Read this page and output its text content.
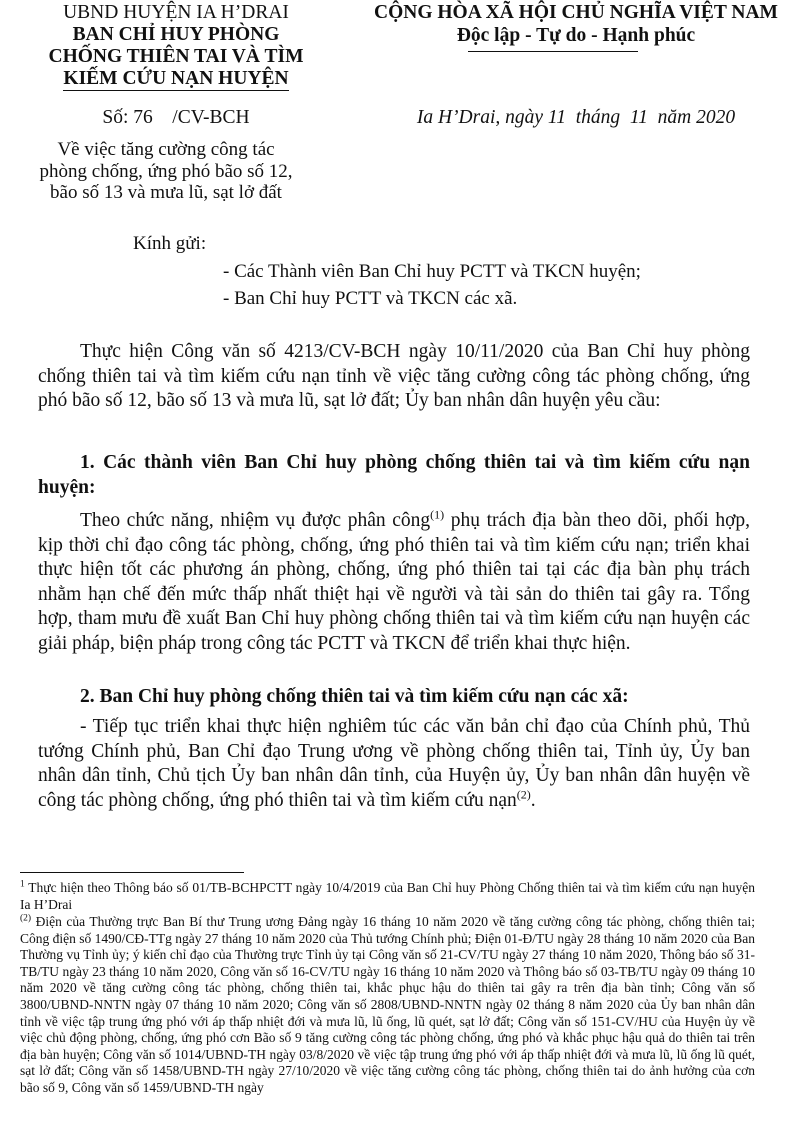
UBND HUYỆN IA H’DRAI
BAN CHỈ HUY PHÒNG
CHỐNG THIÊN TAI VÀ TÌM
KIẾM CỨU NẠN HUYỆN
CỘNG HÒA XÃ HỘI CHỦ NGHĨA VIỆT NAM
Độc lập - Tự do - Hạnh phúc
Số: 76    /CV-BCH	Ia H’Drai, ngày 11  tháng  11  năm 2020
Về việc tăng cường công tác
phòng chống, ứng phó bão số 12,
bão số 13 và mưa lũ, sạt lở đất
Kính gửi:
- Các Thành viên Ban Chỉ huy PCTT và TKCN huyện;
- Ban Chỉ huy PCTT và TKCN các xã.
Thực hiện Công văn số 4213/CV-BCH ngày 10/11/2020 của Ban Chỉ huy phòng chống thiên tai và tìm kiếm cứu nạn tỉnh về việc tăng cường công tác phòng chống, ứng phó bão số 12, bão số 13 và mưa lũ, sạt lở đất; Ủy ban nhân dân huyện yêu cầu:
1. Các thành viên Ban Chỉ huy phòng chống thiên tai và tìm kiếm cứu nạn huyện:
Theo chức năng, nhiệm vụ được phân công$^{(1)}$ phụ trách địa bàn theo dõi, phối hợp, kịp thời chỉ đạo công tác phòng, chống, ứng phó thiên tai và tìm kiếm cứu nạn; triển khai thực hiện tốt các phương án phòng, chống, ứng phó thiên tai tại các địa bàn phụ trách nhằm hạn chế đến mức thấp nhất thiệt hại về người và tài sản do thiên tai gây ra. Tổng hợp, tham mưu đề xuất Ban Chỉ huy phòng chống thiên tai và tìm kiếm cứu nạn huyện các giải pháp, biện pháp trong công tác PCTT và TKCN để triển khai thực hiện.
2. Ban Chỉ huy phòng chống thiên tai và tìm kiếm cứu nạn các xã:
- Tiếp tục triển khai thực hiện nghiêm túc các văn bản chỉ đạo của Chính phủ, Thủ tướng Chính phủ, Ban Chỉ đạo Trung ương về phòng chống thiên tai, Tỉnh ủy, Ủy ban nhân dân tỉnh, Chủ tịch Ủy ban nhân dân tỉnh, của Huyện ủy, Ủy ban nhân dân huyện về công tác phòng chống, ứng phó thiên tai và tìm kiếm cứu nạn$^{(2)}$.
$^1$ Thực hiện theo Thông báo số 01/TB-BCHPCTT ngày 10/4/2019 của Ban Chỉ huy Phòng Chống thiên tai và tìm kiếm cứu nạn huyện Ia H’Drai
$^{(2)}$ Điện của Thường trực Ban Bí thư Trung ương Đảng ngày 16 tháng 10 năm 2020 về tăng cường công tác phòng, chống thiên tai; Công điện số 1490/CĐ-TTg ngày 27 tháng 10 năm 2020 của Thủ tướng Chính phủ; Điện 01-Đ/TU ngày 28 tháng 10 năm 2020 của Ban Thường vụ Tỉnh ủy; ý kiến chỉ đạo của Thường trực Tỉnh ủy tại Công văn số 21-CV/TU ngày 27 tháng 10 năm 2020, Thông báo số 31-TB/TU ngày 23 tháng 10 năm 2020, Công văn số 16-CV/TU ngày 16 tháng 10 năm 2020 và Thông báo số 03-TB/TU ngày 09 tháng 10 năm 2020 về tăng cường công tác phòng, chống thiên tai, khắc phục hậu do thiên tai gây ra trên địa bàn tỉnh; Công văn số 3800/UBND-NNTN ngày 07 tháng 10 năm 2020; Công văn số 2808/UBND-NNTN ngày 02 tháng 8 năm 2020 của Ủy ban nhân dân tỉnh về việc tập trung ứng phó với áp thấp nhiệt đới và mưa lũ, lũ ống, lũ quét, sạt lở đất; Công văn số 151-CV/HU của Huyện ủy về việc chủ động phòng, chống, ứng phó cơn Bão số 9 tăng cường công tác phòng chống, ứng phó và khắc phục hậu quả do thiên tai trên địa bàn huyện; Công văn số 1014/UBND-TH ngày 03/8/2020 về việc tập trung ứng phó với áp thấp nhiệt đới và mưa lũ, lũ ống lũ quét, sạt lở đất; Công văn số 1458/UBND-TH ngày 27/10/2020 về việc tăng cường công tác phòng, chống thiên tai do ảnh hưởng của cơn bão số 9, Công văn số 1459/UBND-TH ngày
